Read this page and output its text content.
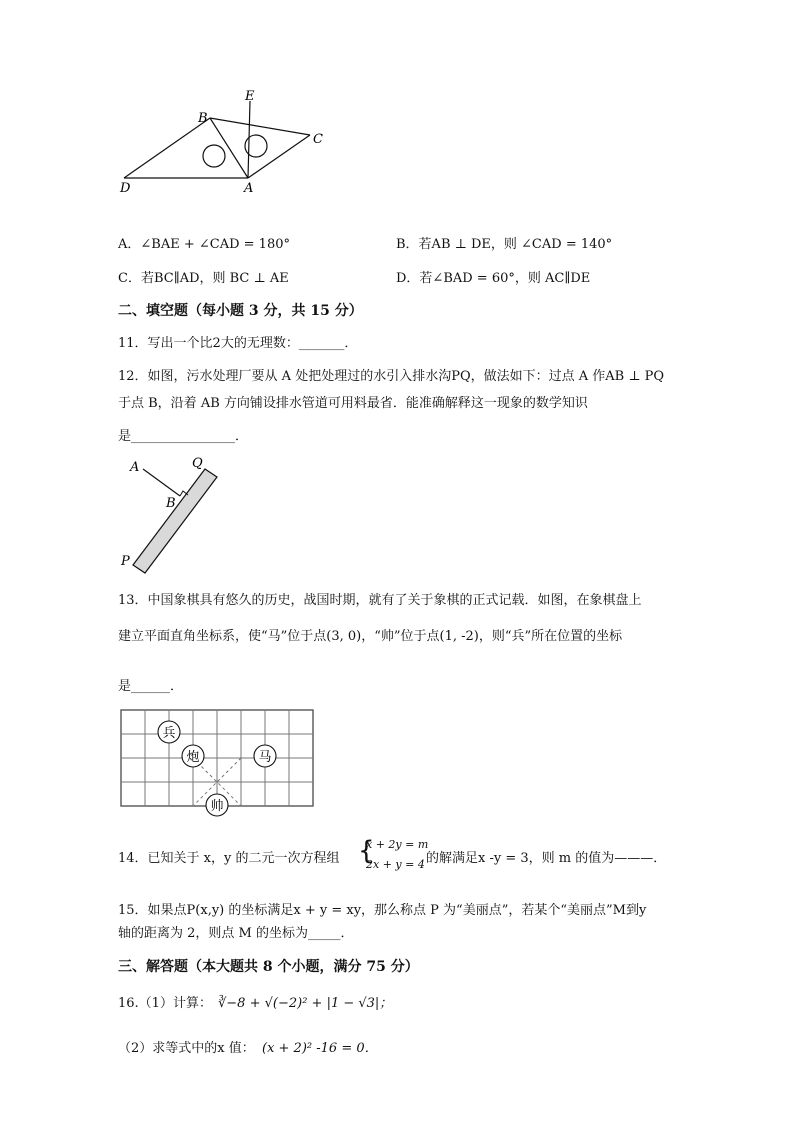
E
B
C
D	A
A．∠BAE + ∠CAD = 180°	B．若AB ⊥ DE，则 ∠CAD = 140°
C．若BC∥AD，则 BC ⊥ AE	D．若∠BAD = 60°，则 AC∥DE
二、填空题（每小题 3 分，共 15 分）
11．写出一个比2大的无理数：_______．
12．如图，污水处理厂要从 A 处把处理过的水引入排水沟PQ，做法如下：过点 A 作AB ⊥ PQ
于点 B，沿着 AB 方向铺设排水管道可用料最省．能准确解释这一现象的数学知识
是________________．
A	Q
B
P
13．中国象棋具有悠久的历史，战国时期，就有了关于象棋的正式记载．如图，在象棋盘上
建立平面直角坐标系，使“马”位于点(3, 0)，“帅”位于点(1, -2)，则“兵”所在位置的坐标
是______．
兵
炮	马
帅
14．已知关于 x，y 的二元一次方程组 {
x + 2y = m
2x + y = 4 的解满足x -y = 3，则 m 的值为———．
15．如果点P(x,y) 的坐标满足x + y = xy，那么称点 P 为“美丽点”，若某个“美丽点”M到y
轴的距离为 2，则点 M 的坐标为_____．
三、解答题（本大题共 8 个小题，满分 75 分）
16.（1）计算： ∛−8 + √(−2)² + |1 − √3|；
（2）求等式中的x 值： (x + 2)² -16 = 0．
